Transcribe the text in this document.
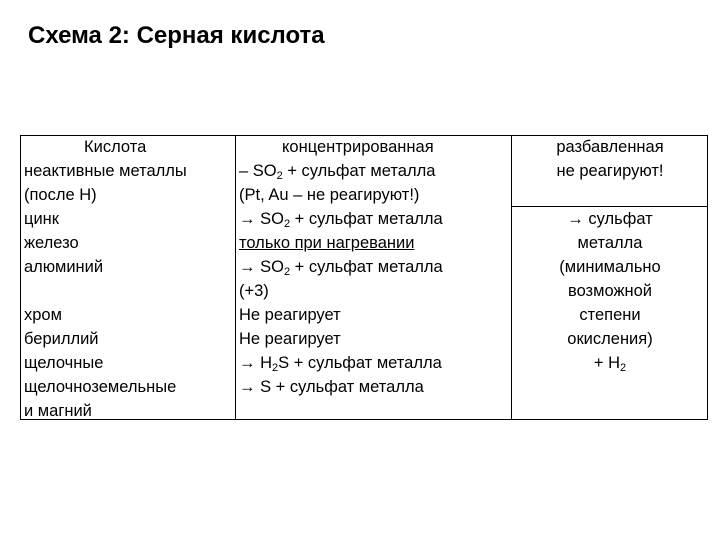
Схема 2: Серная кислота
Кислота	концентрированная	разбавленная
неактивные металлы
(после Н)
цинк
железо
алюминий
хром
бериллий
щелочные
щелочноземельные
и магний
– $SO_2$ + сульфат металла
(Pt, Au – не реагируют!)
→ $SO_2$ + сульфат металла
только при нагревании
→ $SO_2$ + сульфат металла
(+3)
Не реагирует
Не реагирует
→ $H_2S$ + сульфат металла
→ S + сульфат металла
не реагируют!
→ сульфат
металла
(минимально
возможной
степени
окисления)
+ $H_2$
